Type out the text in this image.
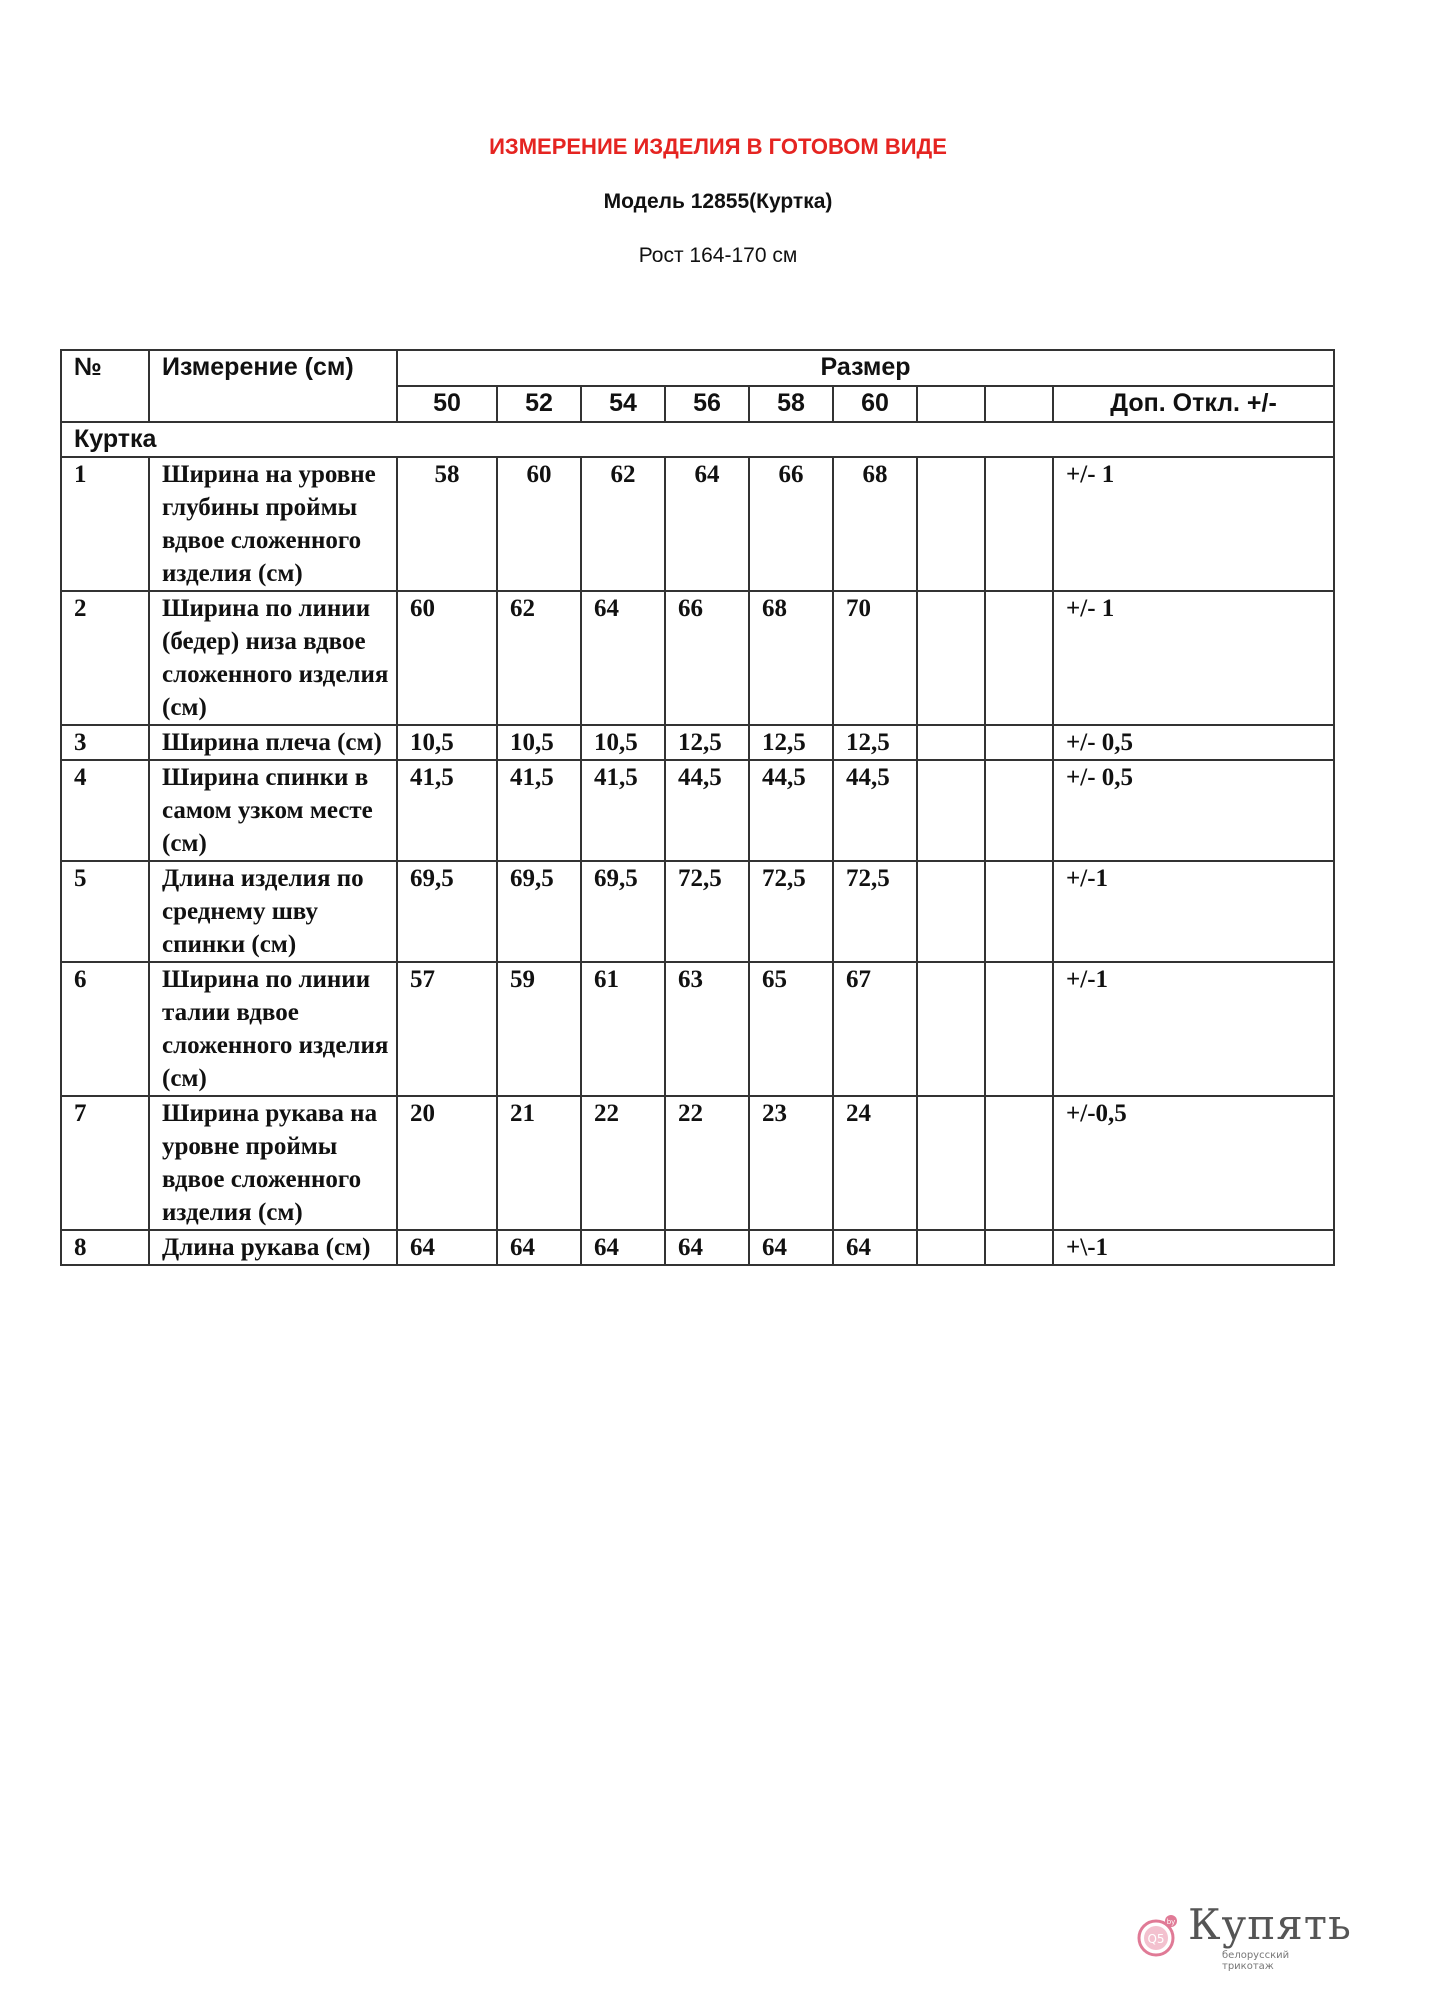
ИЗМЕРЕНИЕ ИЗДЕЛИЯ В ГОТОВОМ ВИДЕ
Модель 12855(Куртка)
Рост 164-170 см
№	Измерение (см)	Размер								
		50	52	54	56	58	60			Доп. Откл. +/-
Куртка										
1	Ширина на уровне глубины проймы вдвое сложенного изделия (см)	58	60	62	64	66	68			+/- 1
2	Ширина по линии (бедер) низа вдвое сложенного изделия (см)	60	62	64	66	68	70			+/- 1
3	Ширина плеча (см)	10,5	10,5	10,5	12,5	12,5	12,5			+/- 0,5
4	Ширина спинки в самом узком месте (см)	41,5	41,5	41,5	44,5	44,5	44,5			+/- 0,5
5	Длина изделия по среднему шву спинки (см)	69,5	69,5	69,5	72,5	72,5	72,5			+/-1
6	Ширина по линии талии вдвое сложенного изделия (см)	57	59	61	63	65	67			+/-1
7	Ширина рукава на уровне проймы вдвое сложенного изделия (см)	20	21	22	22	23	24			+/-0,5
8	Длина рукава (см)	64	64	64	64	64	64			+\-1
Q5
by Купять
белорусский трикотаж
